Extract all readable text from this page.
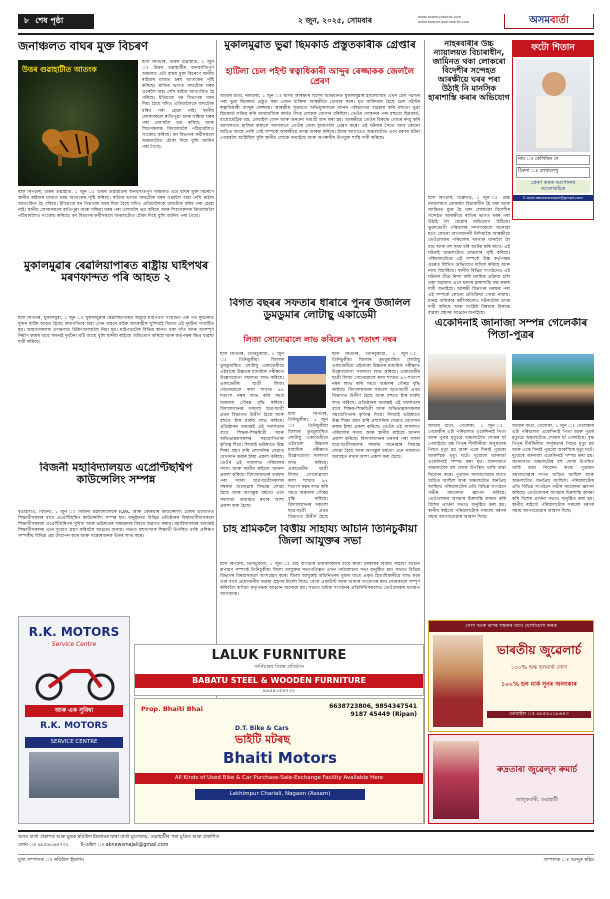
৮ শেষ পৃষ্ঠা	২ জুন, ২০২৫, সোমবাৰ	www.asomiyaborta.com
www.epaper.asombarta.com	অসম বাৰ্তা
জনাঞ্চলত বাঘৰ মুক্ত বিচৰণ
উত্তৰ গুৱাহাটীত আতংক
ষ্টাফ ৰিপৰ্টাৰ, উত্তৰ গুৱাহাটী, ১ জুন ঃ উত্তৰ গুৱাহাটীৰ জনবসতিপূৰ্ণ অঞ্চলত এটা বাঘৰ মুক্ত বিচৰণে স্থানীয় ৰাইজৰ মাজত চৰম আতংকৰ সৃষ্টি কৰিছে। ৰাতিৰ ভাগত বাঘটোক ঘৰৰ ওচৰলৈ অহা দেখি ৰাইজ আতংকিত হৈ পৰিছে। ইতিমধ্যে বন বিভাগক খবৰ দিয়া হৈছে যদিও এতিয়ালৈকে বাঘটোক ধৰিব পৰা হোৱা নাই। স্থানীয় লোকসকলে ৰাতিপুৱা আৰু সন্ধিয়া ঘৰৰ পৰা ওলাবলৈ ভয় কৰিছে আৰু শিশুসকলক বিদ্যালয়লৈ পঠিয়াবলৈও সংকোচ কৰিছে। বন বিভাগৰ কৰ্মীসকলে অঞ্চলটোত চৌকা দিছে বুলি জানিব পৰা গৈছে।
ষ্টাফ ৰিপৰ্টাৰ, উত্তৰ গুৱাহাটী, ১ জুন ঃ উত্তৰ গুৱাহাটীৰ জনবসতিপূৰ্ণ অঞ্চলত এটা বাঘৰ মুক্ত বিচৰণে স্থানীয় ৰাইজৰ মাজত চৰম আতংকৰ সৃষ্টি কৰিছে। ৰাতিৰ ভাগত বাঘটোক ঘৰৰ ওচৰলৈ অহা দেখি ৰাইজ আতংকিত হৈ পৰিছে। ইতিমধ্যে বন বিভাগক খবৰ দিয়া হৈছে যদিও এতিয়ালৈকে বাঘটোক ধৰিব পৰা হোৱা নাই। স্থানীয় লোকসকলে ৰাতিপুৱা আৰু সন্ধিয়া ঘৰৰ পৰা ওলাবলৈ ভয় কৰিছে আৰু শিশুসকলক বিদ্যালয়লৈ পঠিয়াবলৈও সংকোচ কৰিছে। বন বিভাগৰ কৰ্মীসকলে অঞ্চলটোত চৌকা দিছে বুলি জানিব পৰা গৈছে।
মুকালমুৱাৰ ৰেৱলিয়াপাৰত ৰাষ্ট্ৰীয় ঘাইপথৰ মৰণফান্দত পৰি আহত ২
ষ্টাফ ৰিপৰ্টাৰ, মুকালমুৱা, ১ জুন ঃ মুকালমুৱাৰ ৰেৱলিয়াপাৰত ৰাষ্ট্ৰীয় ঘাইপথত সংঘটিত এক পথ দুৰ্ঘটনাত দুজন ব্যক্তি আহত হৈছে। দ্ৰুতগতিৰে অহা এখন বাহনে বাইক আৰোহীক খুন্দিয়াই দিয়াত এই দুৰ্ঘটনা সংঘটিত হয়। আহতসকলক তৎক্ষণাত চিকিৎসালয়লৈ নিয়া হয়। ঘাইপথটোৰ বিভিন্ন স্থানত থকা গাঁত আৰু অসম্পূৰ্ণ নিৰ্মাণ কাৰ্যৰ বাবে সঘনাই দুৰ্ঘটনা ঘটি আছে বুলি স্থানীয় ৰাইজে অভিযোগ কৰিছে আৰু কৰ্তৃপক্ষৰ ক্ষিপ্ৰ ব্যৱস্থা দাবী কৰিছে।
বিজনী মহাবিদ্যালয়ত এপ্ৰেণ্টিছশ্বিপ কাউন্সেলিং সম্পন্ন
বঙাইগাঁও, বিজনী, ১ জুন ঃ বিজনী মহাবিদ্যালয়ৰ IQAC আৰু কেৰিয়াৰ কাউন্সেলিং চেলৰ উদ্যোগত শিক্ষাৰ্থীসকলৰ বাবে এপ্ৰেণ্টিছশ্বিপ কাউন্সেলিং সম্পন্ন হয়। অনুষ্ঠানত বিভিন্ন প্ৰতিষ্ঠানৰ বিষয়বাবীয়াসকলে শিক্ষাৰ্থীসকলক এপ্ৰেণ্টিছশ্বিপৰ সুবিধা আৰু ভৱিষ্যতৰ সম্ভাৱনাৰ বিষয়ে অৱগত কৰায়। মহাবিদ্যালয়ৰ অধ্যক্ষই শিক্ষাৰ্থীসকলক এনে সুযোগ গ্ৰহণ কৰিবলৈ আহ্বান জনায়। সভাত বহুসংখ্যক শিক্ষাৰ্থী উপস্থিত থাকি প্ৰশিক্ষণ সম্পৰ্কীয় বিভিন্ন প্ৰশ্ন উত্থাপন কৰে আৰু সন্তোষজনক উত্তৰ লাভ কৰে।
R.K. MOTORS
Service Centre
আৰু এক সুবিধা
R.K. MOTORS
SERVICE CENTRE
মুকালমুৱাত ভুৱা ছিমকাৰ্ড প্ৰস্তুতকাৰীক গ্ৰেপ্তাৰ
হাটিলা চেল পইণ্ট স্বত্বাধিকাৰী আব্দুৰ ৰেজ্জাকক জেললৈ প্ৰেৰণ
আমাৰ বাৰ্তা, নলবাৰী, ১ জুন ঃ অসম আৰক্ষীৰ বিশেষ অভিযানত মুকালমুৱাৰ হাটিলাস্থিত এখন চেল পইণ্টৰ পৰা ভুৱা ছিমকাৰ্ড প্ৰস্তুত কৰা এজন ব্যক্তিক আৰক্ষীয়ে গ্ৰেপ্তাৰ কৰে। ধৃত ব্যক্তিজন হৈছে চেল পইণ্টৰ স্বত্বাধিকাৰী আব্দুৰ ৰেজ্জাক। আৰক্ষীৰ সূত্ৰমতে অভিযুক্তজনে আনৰ পৰিচয়পত্ৰ ব্যৱহাৰ কৰি বহুতো ভুৱা ছিমকাৰ্ড সক্ৰিয় কৰি অসামাজিক কাৰ্যত লিপ্ত লোকক যোগান ধৰিছিল। তেওঁৰ দোকানৰ পৰা বহুতো ছিমকাৰ্ড, বায়োমেট্ৰিক যন্ত্ৰ, মোবাইল ফোন আৰু অন্যান্য সামগ্ৰী জব্দ কৰা হয়। আৰক্ষীয়ে তেওঁৰ বিৰুদ্ধে গোচৰ ৰুজু কৰি আদালতত হাজিৰ কৰালে আদালতে তেওঁক জেল হাজতলৈ প্ৰেৰণ কৰে। এই ঘটনাৰ সৈতে আন কোনো জড়িত আছে নেকি সেই সম্পৰ্কে আৰক্ষীয়ে তদন্ত আৰম্ভ কৰিছে। ইয়াৰ আগতেও অঞ্চলটোত এনে ধৰণৰ ঘটনা পোহৰলৈ আহিছিল বুলি স্থানীয় লোকে জনাইছে আৰু অপৰাধীৰ উপযুক্ত শাস্তি দাবী কৰিছে।
বিগত বছৰৰ সফতাৰ ধাৰাৰে পুনৰ উজলিল ডুমডুমাৰ লোটাছু একাডেমী
লিজা সোনোৱালে লাভ কৰিলে ৯৭ শতাংশ নম্বৰ
ষ্টাফ ৰিপৰ্টাৰ, তিনিচুকীয়া, ১ জুন ঃ তিনিচুকীয়া জিলাৰ ডুমডুমাস্থিত লোটাছু একাডেমীয়ে এইবাৰো উচ্চতৰ মাধ্যমিক পৰীক্ষাত উল্লেখযোগ্য সফলতা লাভ কৰিছে। একাডেমীৰ ছাত্ৰী লিজা সোনোৱালে কলা শাখাত ৯৭ শতাংশ নম্বৰ লাভ কৰি সমগ্ৰ অঞ্চলৰ গৌৰৱ বৃদ্ধি কৰিছে। বিদ্যালয়খনৰ সকলো ছাত্ৰ-ছাত্ৰী প্ৰথম বিভাগত উত্তীৰ্ণ হৈছে আৰু বহুতে ষ্টাৰ মাৰ্কছ লাভ কৰিছে। প্ৰতিষ্ঠানৰ অধ্যক্ষই এই সফলতাৰ বাবে শিক্ষক-শিক্ষয়িত্ৰী আৰু অভিভাৱকসকলৰ সহযোগিতাক কৃতিত্ব দিয়ে। লিজাই ভৱিষ্যতে উচ্চ শিক্ষা গ্ৰহণ কৰি প্ৰশাসনিক সেৱাত যোগদান কৰাৰ ইচ্ছা প্ৰকাশ কৰিছে। তেওঁৰ এই সাফল্যত পৰিয়ালৰ সদস্য আৰু স্থানীয় ৰাইজে আনন্দ প্ৰকাশ কৰিছে। বিদ্যালয়খনৰ তৰফৰ পৰা সফল ছাত্ৰ-ছাত্ৰীসকলক সম্বৰ্ধনা জনোৱাৰ সিদ্ধান্ত লোৱা হৈছে আৰু আগন্তুক বৰ্ষতো এনে সফলতা অব্যাহত ৰখাৰ আশা প্ৰকাশ কৰা হৈছে।
ষ্টাফ ৰিপৰ্টাৰ, তিনিচুকীয়া, ১ জুন ঃ তিনিচুকীয়া জিলাৰ ডুমডুমাস্থিত লোটাছু একাডেমীয়ে এইবাৰো উচ্চতৰ মাধ্যমিক পৰীক্ষাত উল্লেখযোগ্য সফলতা লাভ কৰিছে। একাডেমীৰ ছাত্ৰী লিজা সোনোৱালে কলা শাখাত ৯৭ শতাংশ নম্বৰ লাভ কৰি সমগ্ৰ অঞ্চলৰ গৌৰৱ বৃদ্ধি কৰিছে। বিদ্যালয়খনৰ সকলো ছাত্ৰ-ছাত্ৰী প্ৰথম বিভাগত উত্তীৰ্ণ হৈছে
ষ্টাফ ৰিপৰ্টাৰ, তিনিচুকীয়া, ১ জুন ঃ তিনিচুকীয়া জিলাৰ ডুমডুমাস্থিত লোটাছু একাডেমীয়ে এইবাৰো উচ্চতৰ মাধ্যমিক পৰীক্ষাত উল্লেখযোগ্য সফলতা লাভ কৰিছে। একাডেমীৰ ছাত্ৰী লিজা সোনোৱালে কলা শাখাত ৯৭ শতাংশ নম্বৰ লাভ কৰি সমগ্ৰ অঞ্চলৰ গৌৰৱ বৃদ্ধি কৰিছে। বিদ্যালয়খনৰ সকলো ছাত্ৰ-ছাত্ৰী প্ৰথম বিভাগত উত্তীৰ্ণ হৈছে আৰু বহুতে ষ্টাৰ মাৰ্কছ লাভ কৰিছে। প্ৰতিষ্ঠানৰ অধ্যক্ষই এই সফলতাৰ বাবে শিক্ষক-শিক্ষয়িত্ৰী আৰু অভিভাৱকসকলৰ সহযোগিতাক কৃতিত্ব দিয়ে। লিজাই ভৱিষ্যতে উচ্চ শিক্ষা গ্ৰহণ কৰি প্ৰশাসনিক সেৱাত যোগদান কৰাৰ ইচ্ছা প্ৰকাশ কৰিছে। তেওঁৰ এই সাফল্যত পৰিয়ালৰ সদস্য আৰু স্থানীয় ৰাইজে আনন্দ প্ৰকাশ কৰিছে। বিদ্যালয়খনৰ তৰফৰ পৰা সফল ছাত্ৰ-ছাত্ৰীসকলক সম্বৰ্ধনা জনোৱাৰ সিদ্ধান্ত লোৱা হৈছে আৰু আগন্তুক বৰ্ষতো এনে সফলতা অব্যাহত ৰখাৰ আশা প্ৰকাশ কৰা হৈছে।
চাহ শ্ৰমিকলৈ বিত্তীয় সাহায্য আঁচনি তিনিচুকীয়া জিলা আযুক্তৰ সভা
ষ্টাফ ৰিপৰ্টাৰ, তিনিচুকীয়া, ১ জুন ঃ চাহ বাগিচাৰ শ্ৰমিকসকলৰ বাবে ৰাজ্য চৰকাৰৰ বিত্তীয় সাহায্য আঁচনি ৰূপায়ণ সম্পৰ্কে তিনিচুকীয়া জিলা আযুক্তৰ সভাপতিত্বত এখন পৰ্যালোচনা সভা অনুষ্ঠিত হয়। সভাত বিভিন্ন বিভাগৰ বিষয়াসকলে অংশগ্ৰহণ কৰে। জিলা আযুক্তই আঁচনিখনৰ সুফল যাতে প্ৰকৃত হিতাধিকাৰীয়ে লাভ কৰে তাৰ বাবে প্ৰয়োজনীয় ব্যৱস্থা গ্ৰহণৰ নিৰ্দেশ দিয়ে। বেংক একাউণ্ট আৰু আধাৰ সংযোগৰ কাম সোনকালে সম্পূৰ্ণ কৰিবলৈ বাগিচা কৰ্তৃপক্ষক আহ্বান জনোৱা হয়। সভাত শ্ৰমিক সংগঠনৰ প্ৰতিনিধিসকলেও তেওঁলোকৰ মতামত আগবঢ়ায়।
LALUK FURNITURE
ফাৰ্নিচাৰৰ বিশ্বস্ত প্ৰতিষ্ঠান
BABATU STEEL & WOODEN FURNITURE
৯৯৫৪০৫৬৭৩২
Prop. Bhaiti Bhai	6638723806, 9854347541
9187 45449 (Ripan)
D.T. Bike & Cars
ভাইটি মটৰছ
Bhaiti Motors
All Kinds of Used Bike & Car Purchase-Sale-Exchange Facility Available Here
Lakhimpur Chariali, Nagaon (Assam)
নাহৰবাৰীৰ উচ্চ ন্যায়ালয়ত বিচাৰাধীন, জামিনত থকা লোকৰো বিদেশীৰ সন্দেহত আৰক্ষীয়ে ঘৰৰ পৰা উঠাই নি মানসিক হাৰাশাস্তি কৰাৰ অভিযোগ
ষ্টাফ ৰিপৰ্টাৰ, ডিব্ৰুগড়, ১ জুন ঃ উচ্চ ন্যায়ালয়ত মোকৰ্দমা বিচাৰাধীন হৈ থকা আৰু জামিনত মুক্ত হৈ থকা লোককো বিদেশীৰ সন্দেহত আৰক্ষীয়ে ৰাতিৰ ভাগত ঘৰৰ পৰা উঠাই লৈ যোৱাৰ অভিযোগ উঠিছে। ভুক্তভোগী পৰিয়ালৰ সদস্যসকলে জনোৱা মতে কোনো আগজাননী নিদিয়াকৈ আৰক্ষীয়ে তেওঁলোকৰ পৰিয়ালৰ সদস্যক থানালৈ লৈ যায় আৰু বহু সময় ধৰি আটক কৰি ৰাখে। এই ঘটনাই অঞ্চলটোত চাঞ্চল্যৰ সৃষ্টি কৰিছে। পৰিয়ালটোৱে এই সম্পৰ্কে উচ্চ কৰ্তৃপক্ষৰ ওচৰত লিখিত অভিযোগ দাখিল কৰিছে আৰু ন্যায় বিচাৰিছে। স্থানীয় বিভিন্ন সংগঠনেও এই ঘটনাৰ তীব্ৰ নিন্দা কৰি ন্যায়িক প্ৰক্ৰিয়া চলি থকা অৱস্থাত এনে ধৰণৰ হাৰাশাস্তি বন্ধ কৰাৰ দাবী জনাইছে। আৰক্ষী বিভাগৰ তৰফৰ পৰা এই সম্পৰ্কে কোনো প্ৰতিক্ৰিয়া পোৱা নাযায়। মানৱ অধিকাৰ কৰ্মীসকলেও ঘটনাটোৰ তদন্ত দাবী কৰিছে আৰু সংশ্লিষ্ট বিষয়াৰ বিৰুদ্ধে ব্যৱস্থা গ্ৰহণৰ আহ্বান জনাইছে।
ফটো শিতান
নাম ঃ কেলিছিন দে
ঠিকনা ঃ লেখালেখু
প্ৰেৰণ কৰক আপোনাৰ
আলোকচিত্ৰ
E-mail:abnewsmajali@gmail.com
একেদিনাই জানাজা সম্পন্ন গেলেকীৰ পিতা-পুত্ৰৰ
আমাৰ বাৰ্তা, গেলেকী, ১ জুন ঃ গেলেকীৰ এটা পৰিয়ালত একেদিনাই পিতা আৰু পুত্ৰৰ মৃত্যুৱে অঞ্চলটোত শোকৰ ছাঁ পেলাইছে। বৃদ্ধ পিতৃৰ দীৰ্ঘদিনীয়া অসুস্থতাৰ পিছত মৃত্যু হয় আৰু একে দিনাই পুত্ৰৰো আকস্মিক মৃত্যু ঘটে। দুয়োৰে জানাজা একেদিনাই সম্পন্ন কৰা হয়। জানাজাত অঞ্চলটোৰ বহু লোক উপস্থিত থাকি শ্ৰদ্ধা নিবেদন কৰে। পুত্ৰজন সমাজসেৱাৰ লগত জড়িত আছিল আৰু অঞ্চলটোত জনপ্ৰিয় আছিল। পৰিয়ালটোৰ প্ৰতি বিভিন্ন সংগঠনে গভীৰ সমবেদনা জ্ঞাপন কৰিছে। তেওঁলোকৰ আত্মাৰ চিৰশান্তি কামনা কৰি বিশেষ প্ৰাৰ্থনা সভাও অনুষ্ঠিত কৰা হয়। স্থানীয় ৰাইজে পৰিয়ালটোক সকলো ধৰণৰ সহায় আগবঢ়োৱাৰ আশ্বাস দিছে।
আমাৰ বাৰ্তা, গেলেকী, ১ জুন ঃ গেলেকীৰ এটা পৰিয়ালত একেদিনাই পিতা আৰু পুত্ৰৰ মৃত্যুৱে অঞ্চলটোত শোকৰ ছাঁ পেলাইছে। বৃদ্ধ পিতৃৰ দীৰ্ঘদিনীয়া অসুস্থতাৰ পিছত মৃত্যু হয় আৰু একে দিনাই পুত্ৰৰো আকস্মিক মৃত্যু ঘটে। দুয়োৰে জানাজা একেদিনাই সম্পন্ন কৰা হয়। জানাজাত অঞ্চলটোৰ বহু লোক উপস্থিত থাকি শ্ৰদ্ধা নিবেদন কৰে। পুত্ৰজন সমাজসেৱাৰ লগত জড়িত আছিল আৰু অঞ্চলটোত জনপ্ৰিয় আছিল। পৰিয়ালটোৰ প্ৰতি বিভিন্ন সংগঠনে গভীৰ সমবেদনা জ্ঞাপন কৰিছে। তেওঁলোকৰ আত্মাৰ চিৰশান্তি কামনা কৰি বিশেষ প্ৰাৰ্থনা সভাও অনুষ্ঠিত কৰা হয়। স্থানীয় ৰাইজে পৰিয়ালটোক সকলো ধৰণৰ সহায় আগবঢ়োৱাৰ আশ্বাস দিছে।
সোণ আৰু ৰূপৰ গহনাৰ বাবে যোগাযোগ কৰক
ভাৰতীয় জুৱেলাৰ্চ
১০০% শুদ্ধ হলমাৰ্ক সোণ
১০০% হল মাৰ্ক সুনৰ অলংকাৰ
মোবাইল ঃ ৯৮৫৪০১৮৬৪৩
ৰুদ্ৰতাৰা জুৱেল্স ৰুমাৰ্চ
জালুকবাৰী, গুৱাহাটী
অসম বাৰ্তা প্ৰকাশক আৰু মুদ্ৰক ৰবিউল ইছলামৰ দ্বাৰা বাৰ্তা মুদ্ৰণালয়, গুৱাহাটীৰ পৰা মুদ্ৰিত আৰু প্ৰকাশিত
ফোন ঃ ৯৮৫৪০৬৫৭৩২	ই-মেইল ঃ abnewsmajali@gmail.com
মুখ্য সম্পাদক ঃ ৰবিউল ইছলাম	সম্পাদক ঃ আব্দুৰ ৰহিম
